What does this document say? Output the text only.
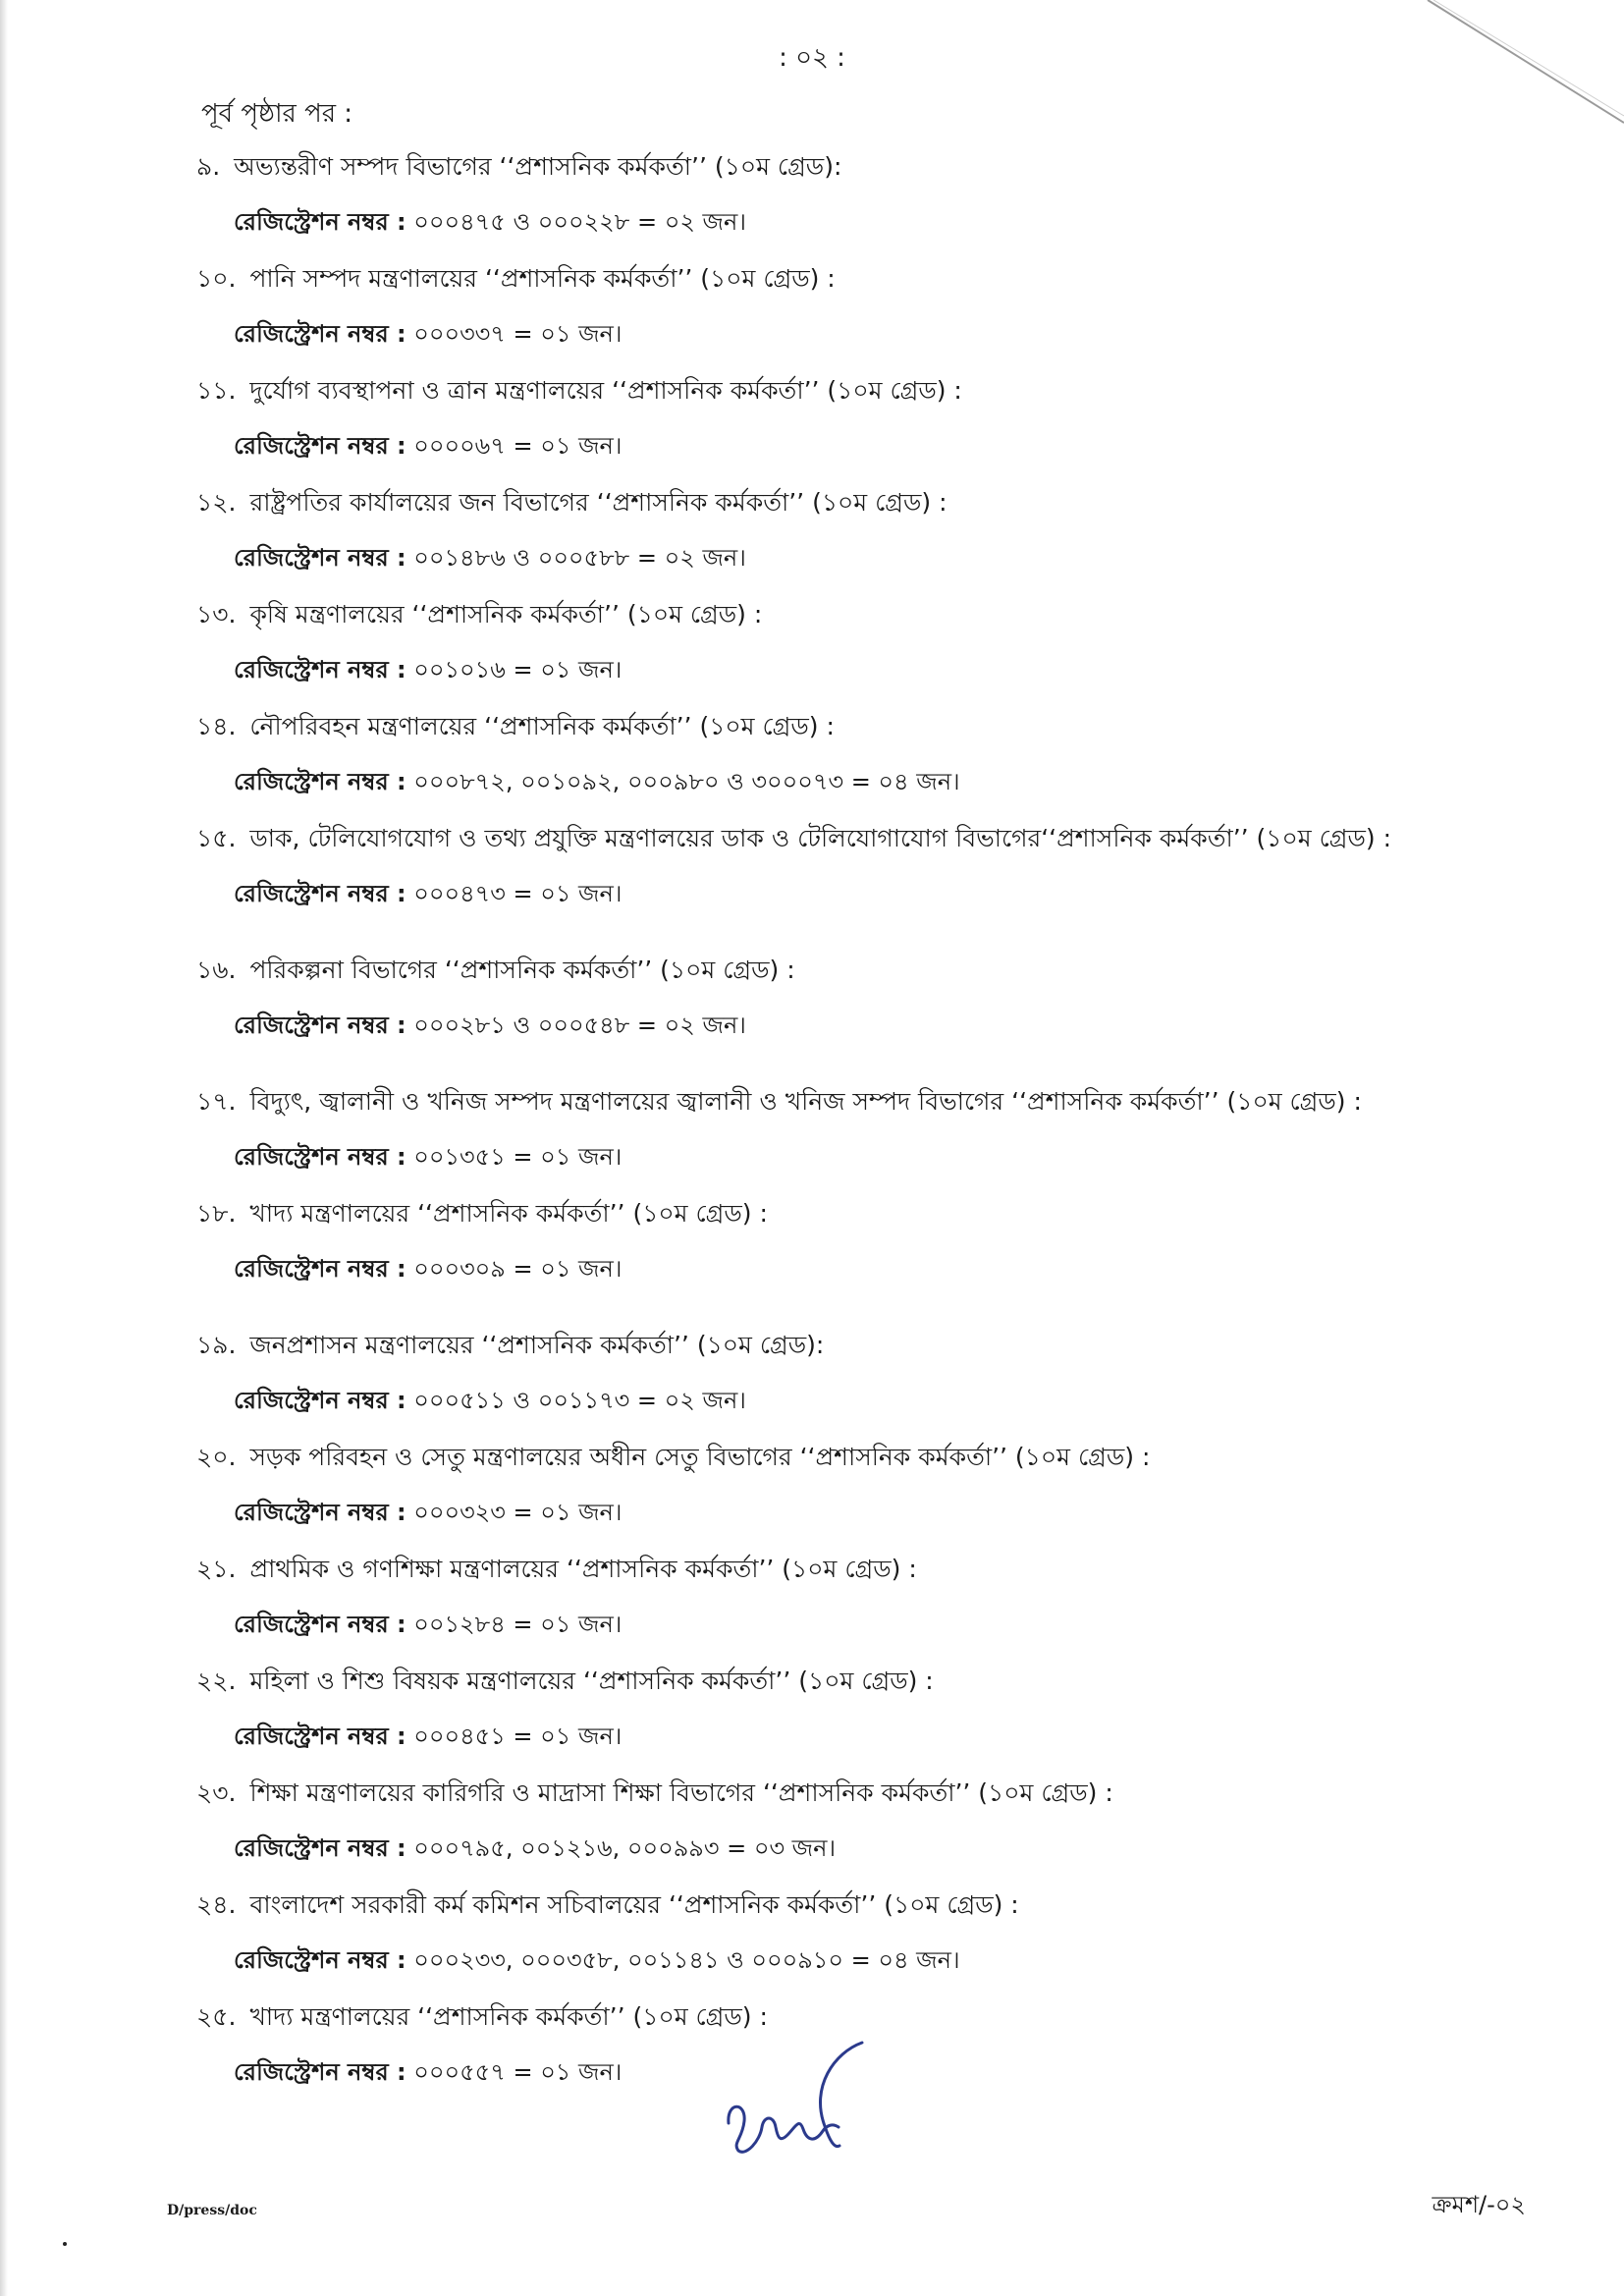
: ০২ :
পূর্ব পৃষ্ঠার পর :
৯. অভ্যন্তরীণ সম্পদ বিভাগের ‘‘প্রশাসনিক কর্মকর্তা’’ (১০ম গ্রেড):
রেজিস্ট্রেশন নম্বর : ০০০৪৭৫ ও ০০০২২৮ = ০২ জন।
১০. পানি সম্পদ মন্ত্রণালয়ের ‘‘প্রশাসনিক কর্মকর্তা’’ (১০ম গ্রেড) :
রেজিস্ট্রেশন নম্বর : ০০০৩৩৭ = ০১ জন।
১১. দুর্যোগ ব্যবস্থাপনা ও ত্রান মন্ত্রণালয়ের ‘‘প্রশাসনিক কর্মকর্তা’’ (১০ম গ্রেড) :
রেজিস্ট্রেশন নম্বর : ০০০০৬৭ = ০১ জন।
১২. রাষ্ট্রপতির কার্যালয়ের জন বিভাগের ‘‘প্রশাসনিক কর্মকর্তা’’ (১০ম গ্রেড) :
রেজিস্ট্রেশন নম্বর : ০০১৪৮৬ ও ০০০৫৮৮ = ০২ জন।
১৩. কৃষি মন্ত্রণালয়ের ‘‘প্রশাসনিক কর্মকর্তা’’ (১০ম গ্রেড) :
রেজিস্ট্রেশন নম্বর : ০০১০১৬ = ০১ জন।
১৪. নৌপরিবহন মন্ত্রণালয়ের ‘‘প্রশাসনিক কর্মকর্তা’’ (১০ম গ্রেড) :
রেজিস্ট্রেশন নম্বর : ০০০৮৭২, ০০১০৯২, ০০০৯৮০ ও ৩০০০৭৩ = ০৪ জন।
১৫. ডাক, টেলিযোগযোগ ও তথ্য প্রযুক্তি মন্ত্রণালয়ের ডাক ও টেলিযোগাযোগ বিভাগের‘‘প্রশাসনিক কর্মকর্তা’’ (১০ম গ্রেড) :
রেজিস্ট্রেশন নম্বর : ০০০৪৭৩ = ০১ জন।
১৬. পরিকল্পনা বিভাগের ‘‘প্রশাসনিক কর্মকর্তা’’ (১০ম গ্রেড) :
রেজিস্ট্রেশন নম্বর : ০০০২৮১ ও ০০০৫৪৮ = ০২ জন।
১৭. বিদ্যুৎ, জ্বালানী ও খনিজ সম্পদ মন্ত্রণালয়ের জ্বালানী ও খনিজ সম্পদ বিভাগের ‘‘প্রশাসনিক কর্মকর্তা’’ (১০ম গ্রেড) :
রেজিস্ট্রেশন নম্বর : ০০১৩৫১ = ০১ জন।
১৮. খাদ্য মন্ত্রণালয়ের ‘‘প্রশাসনিক কর্মকর্তা’’ (১০ম গ্রেড) :
রেজিস্ট্রেশন নম্বর : ০০০৩০৯ = ০১ জন।
১৯. জনপ্রশাসন মন্ত্রণালয়ের ‘‘প্রশাসনিক কর্মকর্তা’’ (১০ম গ্রেড):
রেজিস্ট্রেশন নম্বর : ০০০৫১১ ও ০০১১৭৩ = ০২ জন।
২০. সড়ক পরিবহন ও সেতু মন্ত্রণালয়ের অধীন সেতু বিভাগের ‘‘প্রশাসনিক কর্মকর্তা’’ (১০ম গ্রেড) :
রেজিস্ট্রেশন নম্বর : ০০০৩২৩ = ০১ জন।
২১. প্রাথমিক ও গণশিক্ষা মন্ত্রণালয়ের ‘‘প্রশাসনিক কর্মকর্তা’’ (১০ম গ্রেড) :
রেজিস্ট্রেশন নম্বর : ০০১২৮৪ = ০১ জন।
২২. মহিলা ও শিশু বিষয়ক মন্ত্রণালয়ের ‘‘প্রশাসনিক কর্মকর্তা’’ (১০ম গ্রেড) :
রেজিস্ট্রেশন নম্বর : ০০০৪৫১ = ০১ জন।
২৩. শিক্ষা মন্ত্রণালয়ের কারিগরি ও মাদ্রাসা শিক্ষা বিভাগের ‘‘প্রশাসনিক কর্মকর্তা’’ (১০ম গ্রেড) :
রেজিস্ট্রেশন নম্বর : ০০০৭৯৫, ০০১২১৬, ০০০৯৯৩ = ০৩ জন।
২৪. বাংলাদেশ সরকারী কর্ম কমিশন সচিবালয়ের ‘‘প্রশাসনিক কর্মকর্তা’’ (১০ম গ্রেড) :
রেজিস্ট্রেশন নম্বর : ০০০২৩৩, ০০০৩৫৮, ০০১১৪১ ও ০০০৯১০ = ০৪ জন।
২৫. খাদ্য মন্ত্রণালয়ের ‘‘প্রশাসনিক কর্মকর্তা’’ (১০ম গ্রেড) :
রেজিস্ট্রেশন নম্বর : ০০০৫৫৭ = ০১ জন।
D/press/doc	ক্রমশ/-০২
